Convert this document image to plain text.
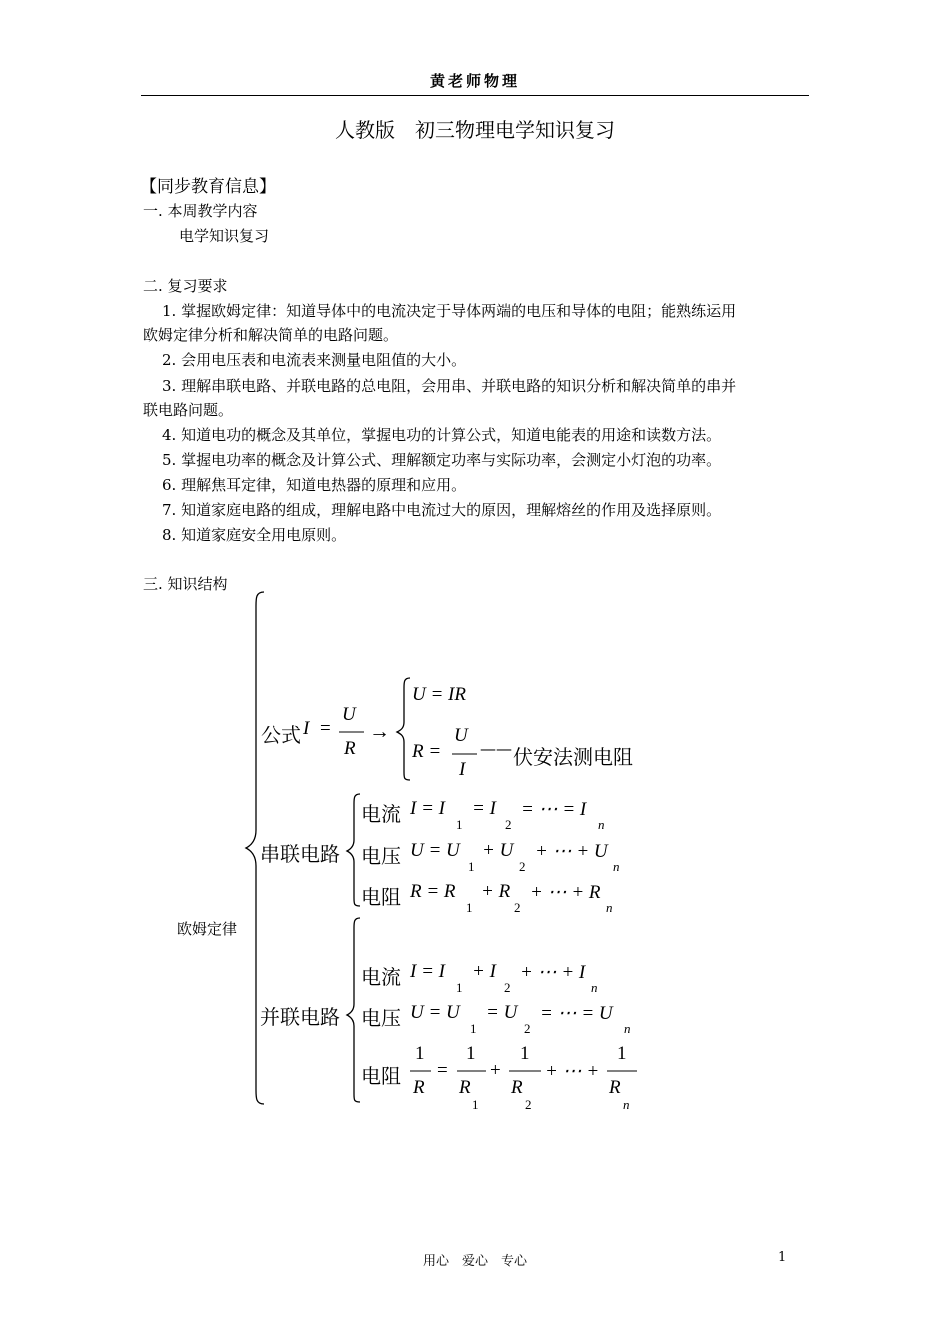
黄老师物理
人教版　初三物理电学知识复习
【同步教育信息】
一. 本周教学内容
电学知识复习
二. 复习要求
1. 掌握欧姆定律：知道导体中的电流决定于导体两端的电压和导体的电阻；能熟练运用
欧姆定律分析和解决简单的电路问题。
2. 会用电压表和电流表来测量电阻值的大小。
3. 理解串联电路、并联电路的总电阻，会用串、并联电路的知识分析和解决简单的串并
联电路问题。
4. 知道电功的概念及其单位，掌握电功的计算公式，知道电能表的用途和读数方法。
5. 掌握电功率的概念及计算公式、理解额定功率与实际功率，会测定小灯泡的功率。
6. 理解焦耳定律，知道电热器的原理和应用。
7. 知道家庭电路的组成，理解电路中电流过大的原因，理解熔丝的作用及选择原则。
8. 知道家庭安全用电原则。
三. 知识结构
欧姆定律
公式 I =
U
R
→
U = IR
R =
U
I
—— 伏安法测电阻
串联电路
电流 I = I
1
= I
2
= ⋯ = I
n
电压 U = U
1
+ U
2
+ ⋯ + U
n
电阻 R = R
1
+ R
2
+ ⋯ + R
n
并联电路
电流 I = I
1
+ I
2
+ ⋯ + I
n
电压 U = U
1
= U
2
= ⋯ = U
n
电阻
1
R
=
1
R
1
+
1
R
2
+ ⋯ +
1
R
n
用心　爱心　专心	1
